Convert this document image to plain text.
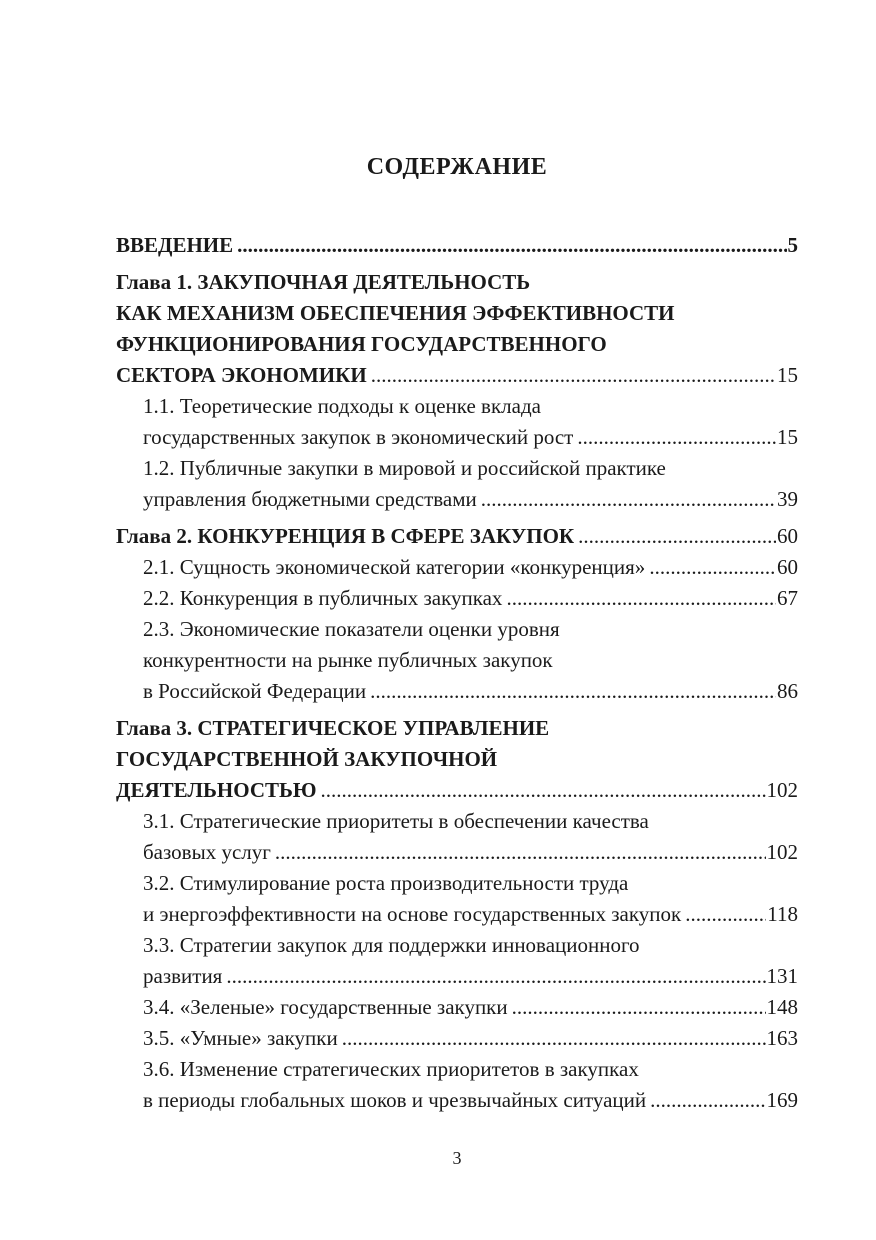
СОДЕРЖАНИЕ
ВВЕДЕНИЕ .....	5
Глава 1. ЗАКУПОЧНАЯ ДЕЯТЕЛЬНОСТЬ
КАК МЕХАНИЗМ ОБЕСПЕЧЕНИЯ ЭФФЕКТИВНОСТИ
ФУНКЦИОНИРОВАНИЯ ГОСУДАРСТВЕННОГО
СЕКТОРА ЭКОНОМИКИ .....	15
1.1. Теоретические подходы к оценке вклада
государственных закупок в экономический рост .....	15
1.2. Публичные закупки в мировой и российской практике
управления бюджетными средствами .....	39
Глава 2. КОНКУРЕНЦИЯ В СФЕРЕ ЗАКУПОК .....	60
2.1. Сущность экономической категории «конкуренция» .....	60
2.2. Конкуренция в публичных закупках .....	67
2.3. Экономические показатели оценки уровня
конкурентности на рынке публичных закупок
в Российской Федерации .....	86
Глава 3. СТРАТЕГИЧЕСКОЕ УПРАВЛЕНИЕ
ГОСУДАРСТВЕННОЙ ЗАКУПОЧНОЙ
ДЕЯТЕЛЬНОСТЬЮ .....	102
3.1. Стратегические приоритеты в обеспечении качества
базовых услуг .....	102
3.2. Стимулирование роста производительности труда
и энергоэффективности на основе государственных закупок .....	118
3.3. Стратегии закупок для поддержки инновационного
развития .....	131
3.4. «Зеленые» государственные закупки .....	148
3.5. «Умные» закупки .....	163
3.6. Изменение стратегических приоритетов в закупках
в периоды глобальных шоков и чрезвычайных ситуаций .....	169
3
